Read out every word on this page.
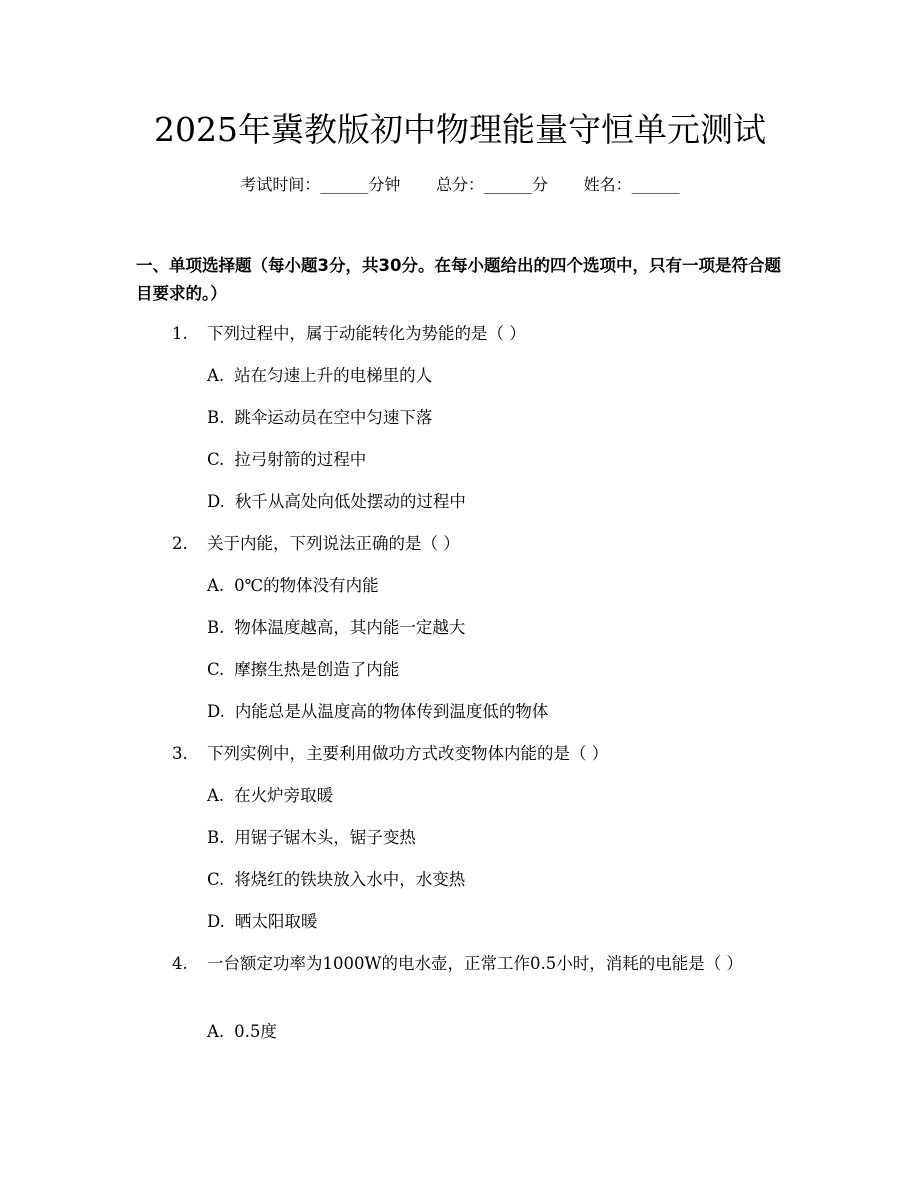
2025年冀教版初中物理能量守恒单元测试
考试时间：______分钟 总分：______分 姓名：______
一、单项选择题（每小题3分，共30分。在每小题给出的四个选项中，只有一项是符合题目要求的。）
1.	下列过程中，属于动能转化为势能的是（ ）
A. 站在匀速上升的电梯里的人
B. 跳伞运动员在空中匀速下落
C. 拉弓射箭的过程中
D. 秋千从高处向低处摆动的过程中
2.	关于内能，下列说法正确的是（ ）
A. 0℃的物体没有内能
B. 物体温度越高，其内能一定越大
C. 摩擦生热是创造了内能
D. 内能总是从温度高的物体传到温度低的物体
3.	下列实例中，主要利用做功方式改变物体内能的是（ ）
A. 在火炉旁取暖
B. 用锯子锯木头，锯子变热
C. 将烧红的铁块放入水中，水变热
D. 晒太阳取暖
4.	一台额定功率为1000W的电水壶，正常工作0.5小时，消耗的电能是（ ）
A. 0.5度
